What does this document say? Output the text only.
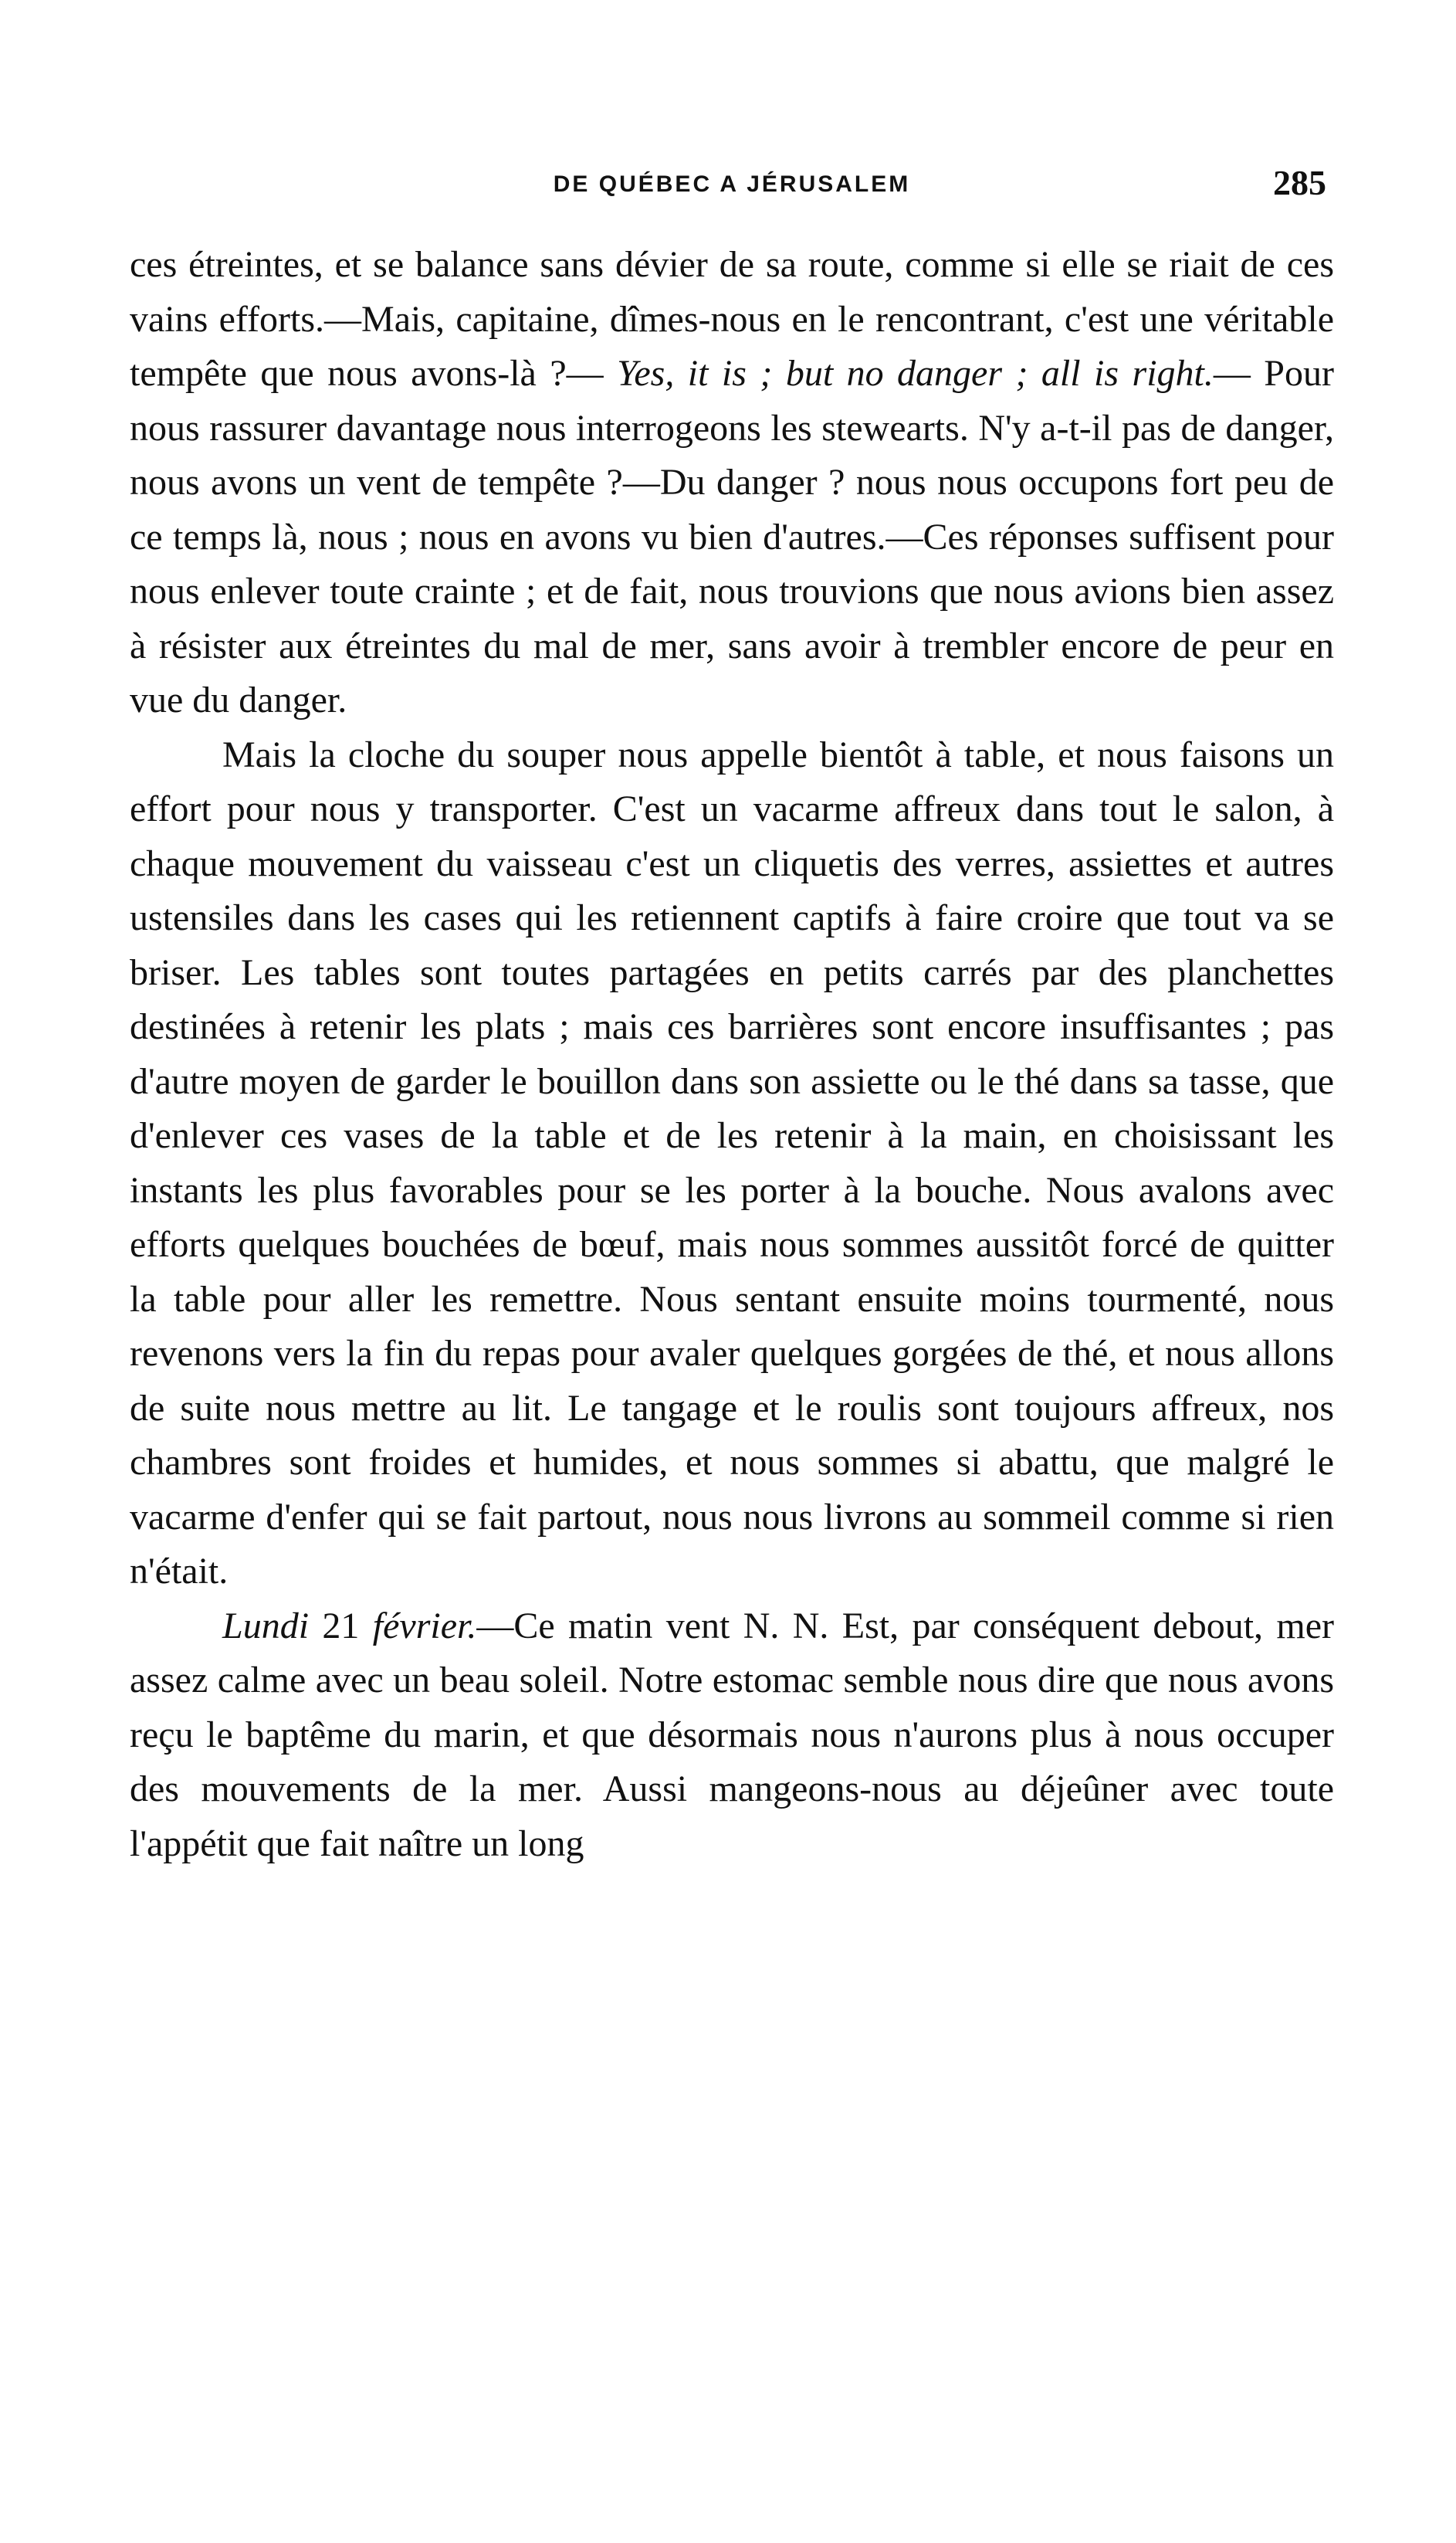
DE QUÉBEC A JÉRUSALEM	285

ces étreintes, et se balance sans dévier de sa route, comme si elle se riait de ces vains efforts.—Mais, capitaine, dîmes-nous en le rencontrant, c'est une véritable tempête que nous avons-là ?— Yes, it is ; but no danger ; all is right.— Pour nous rassurer davantage nous interrogeons les stewearts. N'y a-t-il pas de danger, nous avons un vent de tempête ?—Du danger ? nous nous occupons fort peu de ce temps là, nous ; nous en avons vu bien d'autres.—Ces réponses suffisent pour nous enlever toute crainte ; et de fait, nous trouvions que nous avions bien assez à résister aux étreintes du mal de mer, sans avoir à trembler encore de peur en vue du danger.

Mais la cloche du souper nous appelle bientôt à table, et nous faisons un effort pour nous y transporter. C'est un vacarme affreux dans tout le salon, à chaque mouvement du vaisseau c'est un cliquetis des verres, assiettes et autres ustensiles dans les cases qui les retiennent captifs à faire croire que tout va se briser. Les tables sont toutes partagées en petits carrés par des planchettes destinées à retenir les plats ; mais ces barrières sont encore insuffisantes ; pas d'autre moyen de garder le bouillon dans son assiette ou le thé dans sa tasse, que d'enlever ces vases de la table et de les retenir à la main, en choisissant les instants les plus favorables pour se les porter à la bouche. Nous avalons avec efforts quelques bouchées de bœuf, mais nous sommes aussitôt forcé de quitter la table pour aller les remettre. Nous sentant ensuite moins tourmenté, nous revenons vers la fin du repas pour avaler quelques gorgées de thé, et nous allons de suite nous mettre au lit. Le tangage et le roulis sont toujours affreux, nos chambres sont froides et humides, et nous sommes si abattu, que malgré le vacarme d'enfer qui se fait partout, nous nous livrons au sommeil comme si rien n'était.

Lundi 21 février.—Ce matin vent N. N. Est, par conséquent debout, mer assez calme avec un beau soleil. Notre estomac semble nous dire que nous avons reçu le baptême du marin, et que désormais nous n'aurons plus à nous occuper des mouvements de la mer. Aussi mangeons-nous au déjeûner avec toute l'appétit que fait naître un long
